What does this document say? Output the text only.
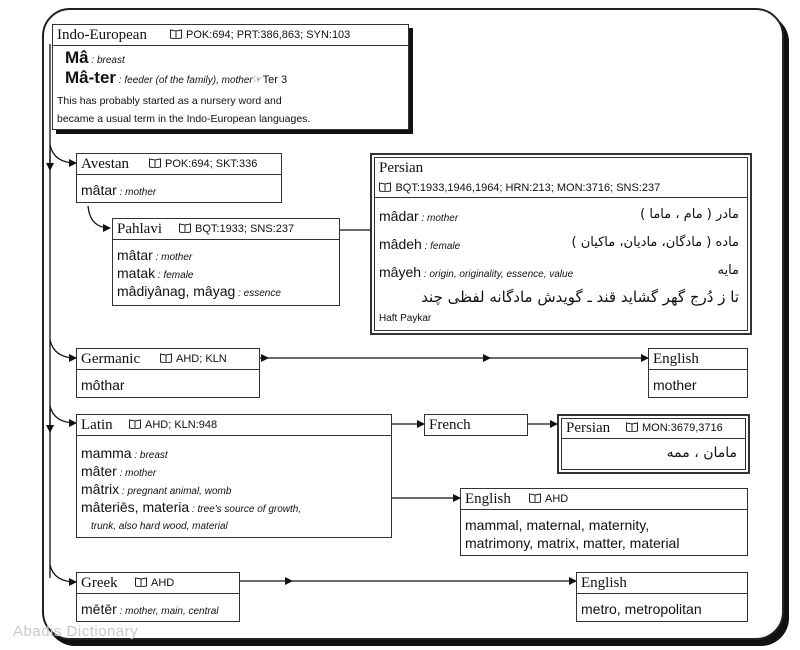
Indo-European	POK:694; PRT:386,863; SYN:103
Mâ : breast
Mâ-ter : feeder (of the family), mother☞Ter 3
This has probably started as a nursery word and
became a usual term in the Indo-European languages.
Avestan	POK:694; SKT:336
mâtar : mother
Pahlavi	BQT:1933; SNS:237
mâtar : mother
matak : female
mâdiyânag, mâyag : essence
Persian
BQT:1933,1946,1964; HRN:213; MON:3716; SNS:237
mâdar : mother	مادر ( مام ، ماما )
mâdeh : female	ماده ( مادگان، مادیان، ماکیان )
mâyeh : origin, originality, essence, value	مایه
تا ز دُرج گهر گشاید قند ـ گویدش مادگانه لفظی چند
Haft Paykar
Germanic	AHD; KLN
môthar
English
mother
Latin	AHD; KLN:948
mamma : breast
mâter : mother
mâtrix : pregnant animal, womb
mâteriēs, materia : tree's source of growth,
trunk, also hard wood, material
French	Persian	MON:3679,3716
مامان ، ممه
English	AHD
mammal, maternal, maternity,
matrimony, matrix, matter, material
Greek	AHD
mētēr : mother, main, central
English
metro, metropolitan
Abadis Dictionary
